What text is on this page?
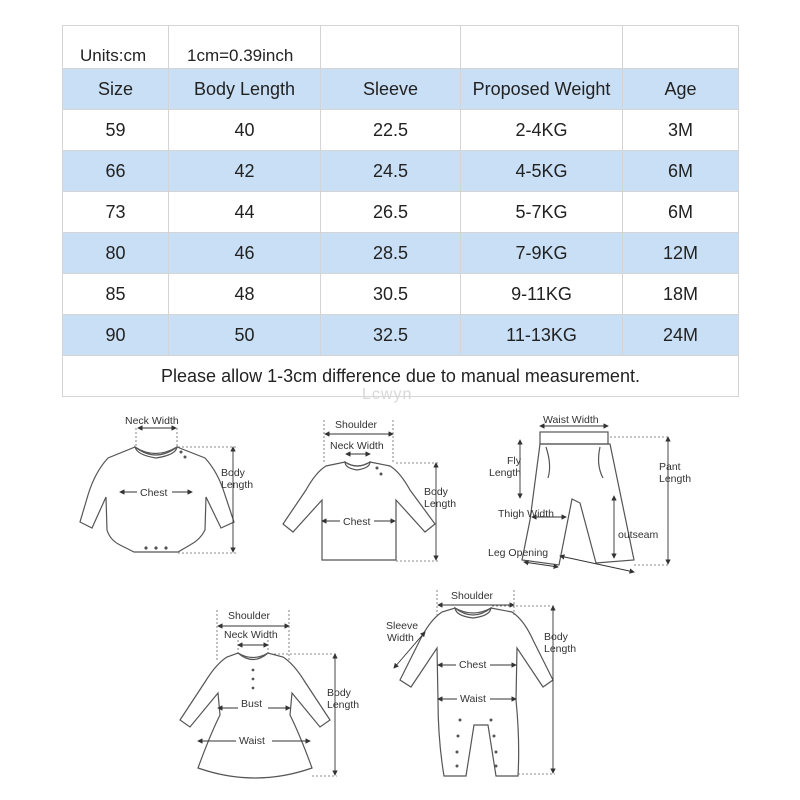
Units:cm	1cm=0.39inch			
Size	Body Length	Sleeve	Proposed Weight	Age
59	40	22.5	2-4KG	3M
66	42	24.5	4-5KG	6M
73	44	26.5	5-7KG	6M
80	46	28.5	7-9KG	12M
85	48	30.5	9-11KG	18M
90	50	32.5	11-13KG	24M
Please allow 1-3cm difference due to manual measurement.				
Lcwyn
Neck Width
Chest
Body
Length
Shoulder
Neck Width
Chest
Body
Length
Waist Width
Fly
Length	Pant
Length
Thigh Width
outseam
Leg Opening
Shoulder
Neck Width
Bust
Waist
Body
Length
Shoulder
Sleeve
Width
Chest
Waist
Body
Length
